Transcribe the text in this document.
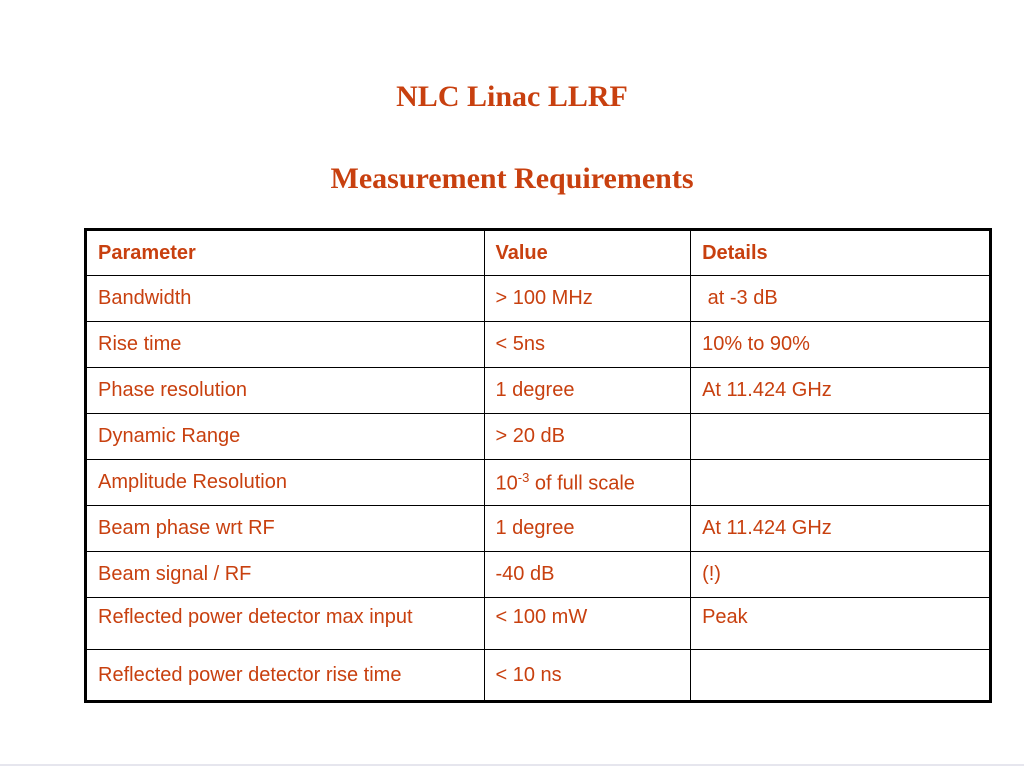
NLC Linac LLRF
Measurement Requirements
Parameter	Value	Details
Bandwidth	> 100 MHz	at -3 dB
Rise time	< 5ns	10% to 90%
Phase resolution	1 degree	At 11.424 GHz
Dynamic Range	> 20 dB	
Amplitude Resolution	$10^{-3}$ of full scale	
Beam phase wrt RF	1 degree	At 11.424 GHz
Beam signal / RF	-40 dB	(!)
Reflected power detector max input	< 100 mW	Peak
Reflected power detector rise time	< 10 ns	
